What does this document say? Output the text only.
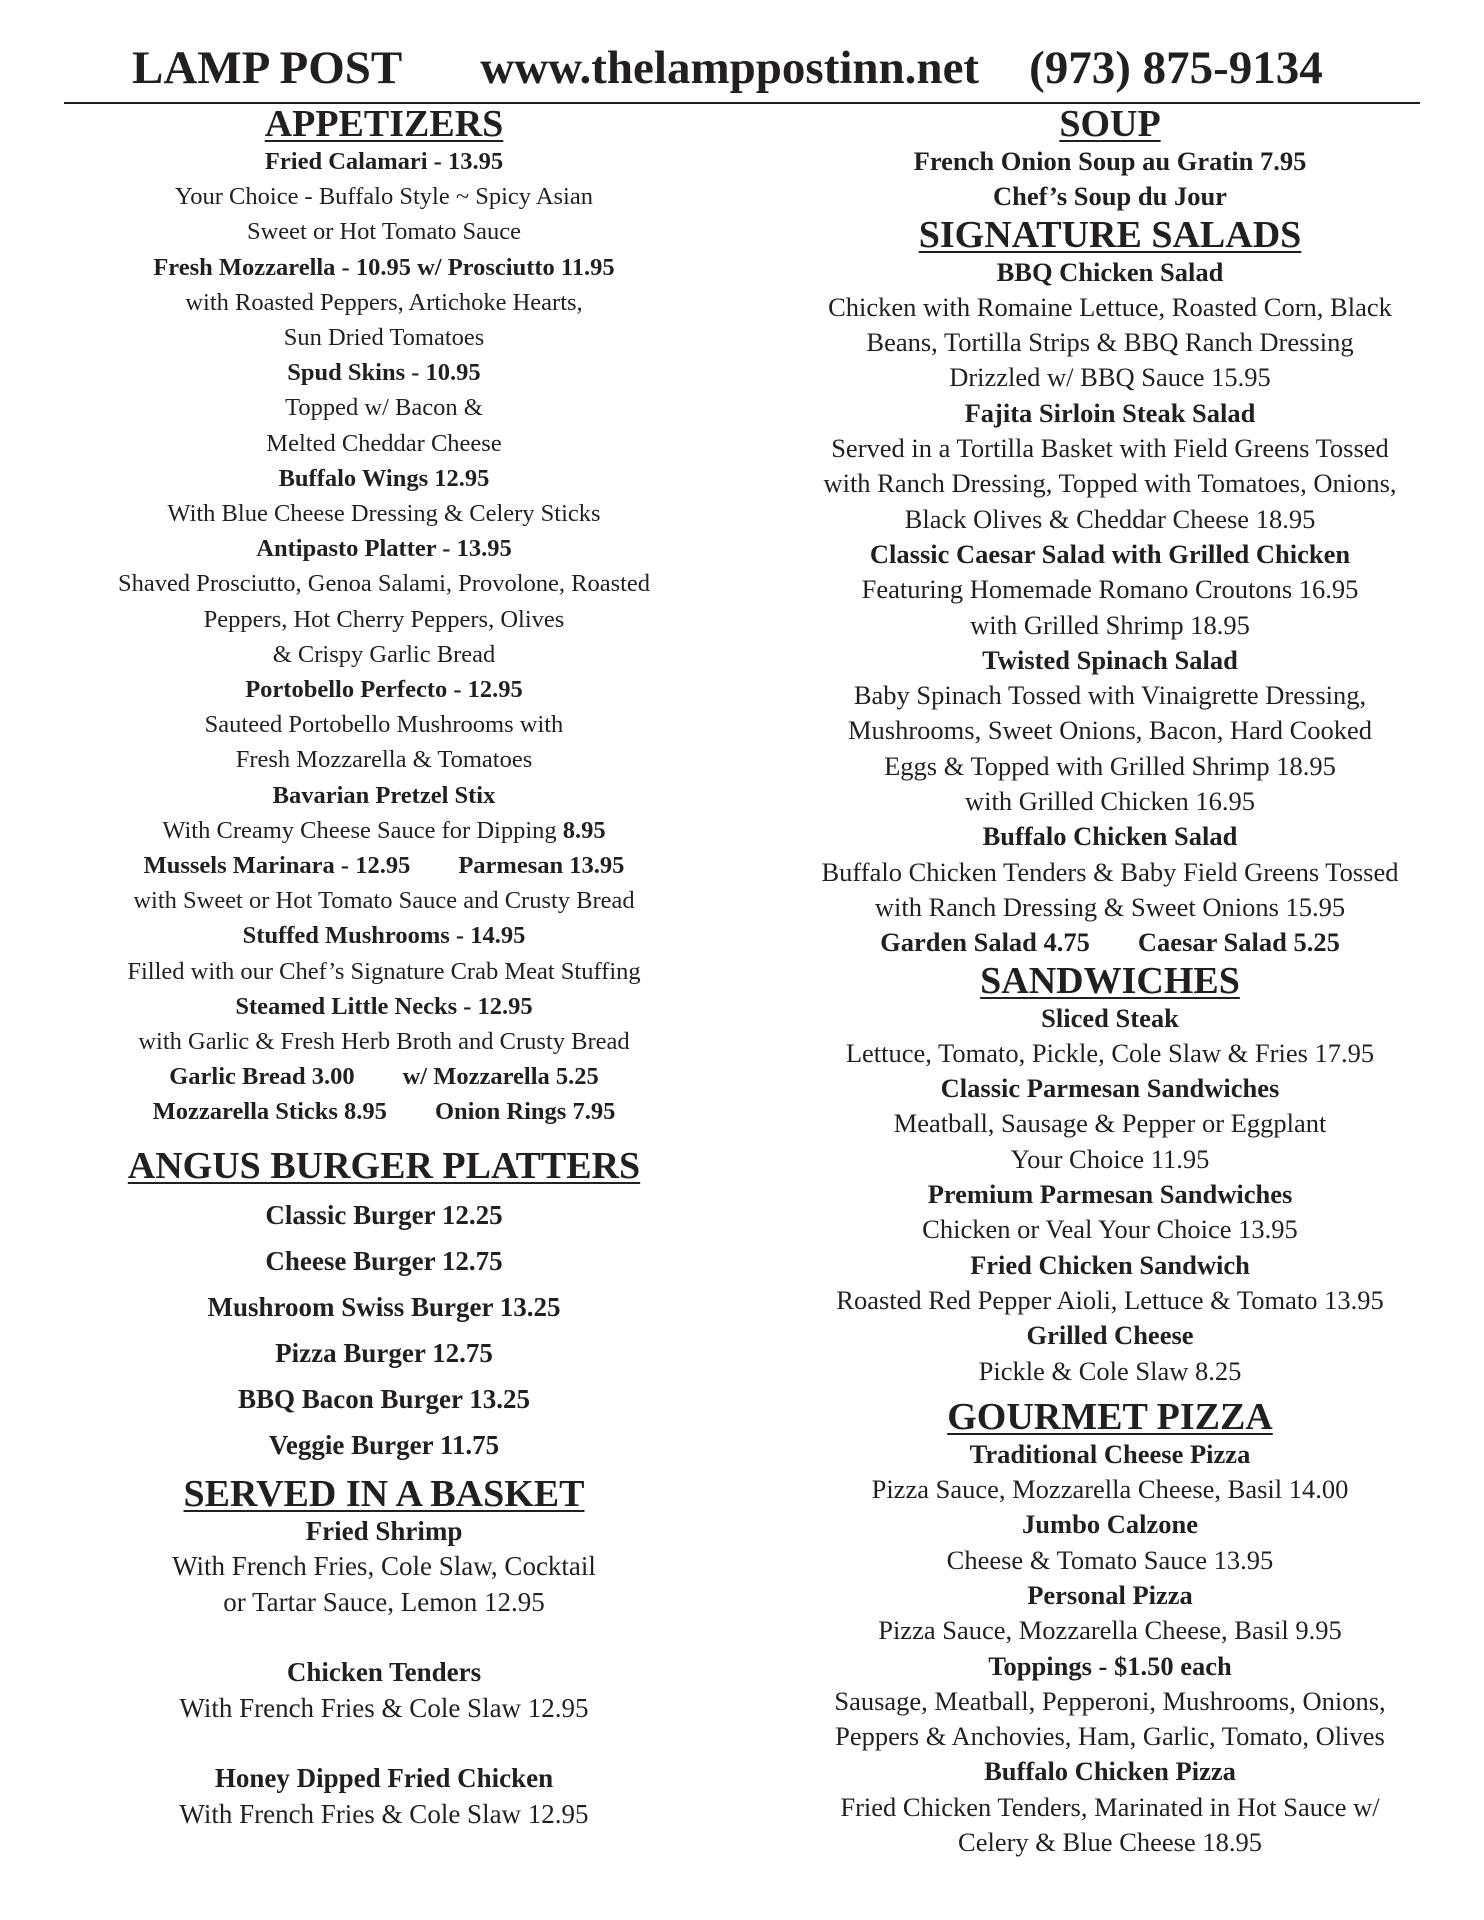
LAMP POST www.thelamppostinn.net (973) 875-9134
APPETIZERS
Fried Calamari - 13.95
Your Choice - Buffalo Style ~ Spicy Asian
Sweet or Hot Tomato Sauce
Fresh Mozzarella - 10.95 w/ Prosciutto 11.95
with Roasted Peppers, Artichoke Hearts,
Sun Dried Tomatoes
Spud Skins - 10.95
Topped w/ Bacon &
Melted Cheddar Cheese
Buffalo Wings 12.95
With Blue Cheese Dressing & Celery Sticks
Antipasto Platter - 13.95
Shaved Prosciutto, Genoa Salami, Provolone, Roasted
Peppers, Hot Cherry Peppers, Olives
& Crispy Garlic Bread
Portobello Perfecto - 12.95
Sauteed Portobello Mushrooms with
Fresh Mozzarella & Tomatoes
Bavarian Pretzel Stix
With Creamy Cheese Sauce for Dipping 8.95
Mussels Marinara - 12.95 Parmesan 13.95
with Sweet or Hot Tomato Sauce and Crusty Bread
Stuffed Mushrooms - 14.95
Filled with our Chef’s Signature Crab Meat Stuffing
Steamed Little Necks - 12.95
with Garlic & Fresh Herb Broth and Crusty Bread
Garlic Bread 3.00 w/ Mozzarella 5.25
Mozzarella Sticks 8.95 Onion Rings 7.95
ANGUS BURGER PLATTERS
Classic Burger 12.25
Cheese Burger 12.75
Mushroom Swiss Burger 13.25
Pizza Burger 12.75
BBQ Bacon Burger 13.25
Veggie Burger 11.75
SERVED IN A BASKET
Fried Shrimp
With French Fries, Cole Slaw, Cocktail
or Tartar Sauce, Lemon 12.95
Chicken Tenders
With French Fries & Cole Slaw 12.95
Honey Dipped Fried Chicken
With French Fries & Cole Slaw 12.95
SOUP
French Onion Soup au Gratin 7.95
Chef’s Soup du Jour
SIGNATURE SALADS
BBQ Chicken Salad
Chicken with Romaine Lettuce, Roasted Corn, Black
Beans, Tortilla Strips & BBQ Ranch Dressing
Drizzled w/ BBQ Sauce 15.95
Fajita Sirloin Steak Salad
Served in a Tortilla Basket with Field Greens Tossed
with Ranch Dressing, Topped with Tomatoes, Onions,
Black Olives & Cheddar Cheese 18.95
Classic Caesar Salad with Grilled Chicken
Featuring Homemade Romano Croutons 16.95
with Grilled Shrimp 18.95
Twisted Spinach Salad
Baby Spinach Tossed with Vinaigrette Dressing,
Mushrooms, Sweet Onions, Bacon, Hard Cooked
Eggs & Topped with Grilled Shrimp 18.95
with Grilled Chicken 16.95
Buffalo Chicken Salad
Buffalo Chicken Tenders & Baby Field Greens Tossed
with Ranch Dressing & Sweet Onions 15.95
Garden Salad 4.75 Caesar Salad 5.25
SANDWICHES
Sliced Steak
Lettuce, Tomato, Pickle, Cole Slaw & Fries 17.95
Classic Parmesan Sandwiches
Meatball, Sausage & Pepper or Eggplant
Your Choice 11.95
Premium Parmesan Sandwiches
Chicken or Veal Your Choice 13.95
Fried Chicken Sandwich
Roasted Red Pepper Aioli, Lettuce & Tomato 13.95
Grilled Cheese
Pickle & Cole Slaw 8.25
GOURMET PIZZA
Traditional Cheese Pizza
Pizza Sauce, Mozzarella Cheese, Basil 14.00
Jumbo Calzone
Cheese & Tomato Sauce 13.95
Personal Pizza
Pizza Sauce, Mozzarella Cheese, Basil 9.95
Toppings - $1.50 each
Sausage, Meatball, Pepperoni, Mushrooms, Onions,
Peppers & Anchovies, Ham, Garlic, Tomato, Olives
Buffalo Chicken Pizza
Fried Chicken Tenders, Marinated in Hot Sauce w/
Celery & Blue Cheese 18.95
